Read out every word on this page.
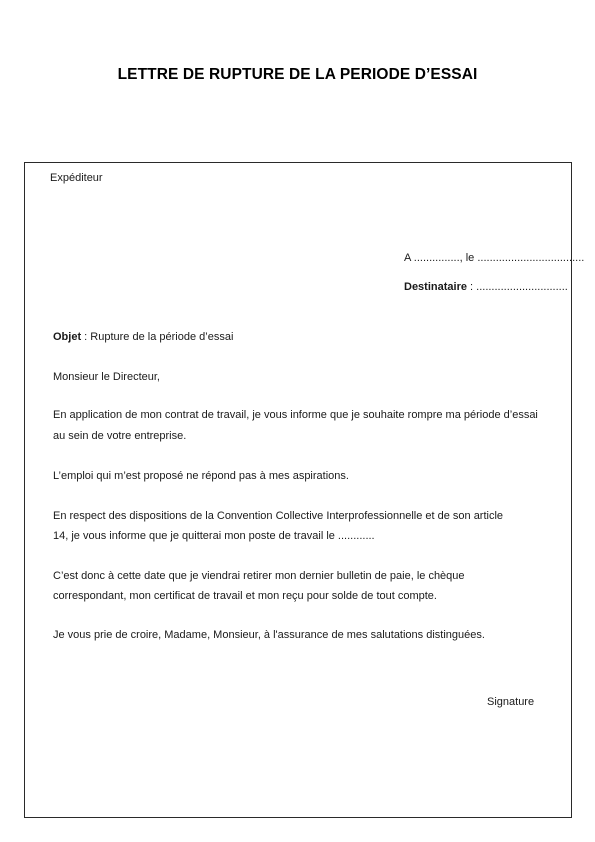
LETTRE DE RUPTURE DE LA PERIODE D’ESSAI

Expéditeur

A ..............., le ...................................

Destinataire : ..............................

Objet : Rupture de la période d’essai

Monsieur le Directeur,

En application de mon contrat de travail, je vous informe que je souhaite rompre ma période d’essai

au sein de votre entreprise.

L’emploi qui m’est proposé ne répond pas à mes aspirations.

En respect des dispositions de la Convention Collective Interprofessionnelle et de son article

14, je vous informe que je quitterai mon poste de travail le ............

C’est donc à cette date que je viendrai retirer mon dernier bulletin de paie, le chèque

correspondant, mon certificat de travail et mon reçu pour solde de tout compte.

Je vous prie de croire, Madame, Monsieur, à l'assurance de mes salutations distinguées.

Signature
